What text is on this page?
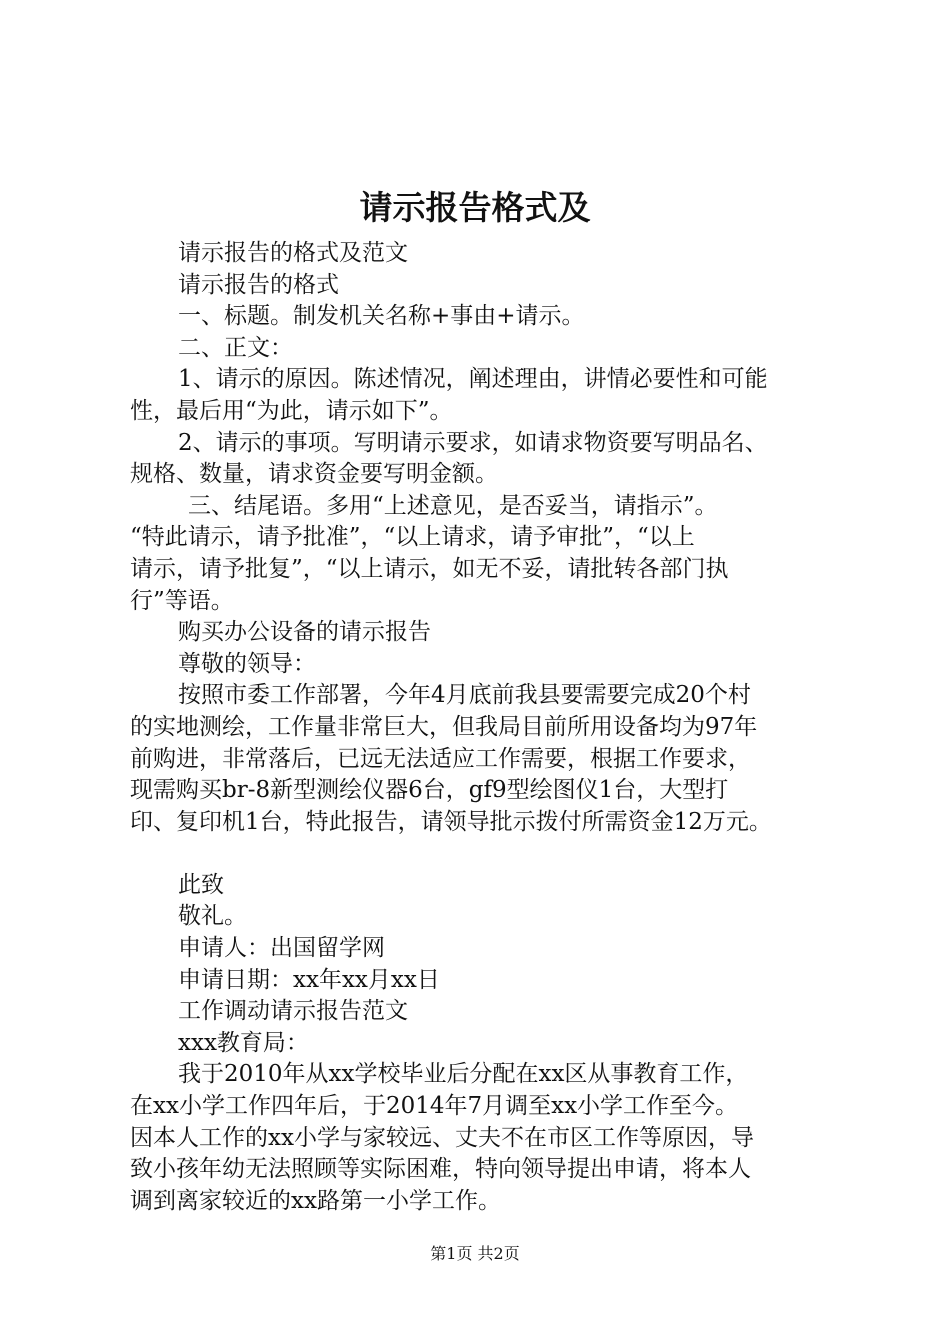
请示报告格式及

请示报告的格式及范文

请示报告的格式

一、标题。制发机关名称+事由+请示。

二、正文：

1、请示的原因。陈述情况，阐述理由，讲情必要性和可能

性，最后用“为此，请示如下”。

2、请示的事项。写明请示要求，如请求物资要写明品名、

规格、数量，请求资金要写明金额。

三、结尾语。多用“上述意见，是否妥当，请指示”。

“特此请示，请予批准”，“以上请求，请予审批”，“以上

请示，请予批复”，“以上请示，如无不妥，请批转各部门执

行”等语。

购买办公设备的请示报告

尊敬的领导：

按照市委工作部署，今年4月底前我县要需要完成20个村

的实地测绘，工作量非常巨大，但我局目前所用设备均为97年

前购进，非常落后，已远无法适应工作需要，根据工作要求，

现需购买br-8新型测绘仪器6台，gf9型绘图仪1台，大型打

印、复印机1台，特此报告，请领导批示拨付所需资金12万元。

此致

敬礼。

申请人：出国留学网

申请日期：xx年xx月xx日

工作调动请示报告范文

xxx教育局：

我于2010年从xx学校毕业后分配在xx区从事教育工作，

在xx小学工作四年后，于2014年7月调至xx小学工作至今。

因本人工作的xx小学与家较远、丈夫不在市区工作等原因，导

致小孩年幼无法照顾等实际困难，特向领导提出申请，将本人

调到离家较近的xx路第一小学工作。

第1页 共2页
